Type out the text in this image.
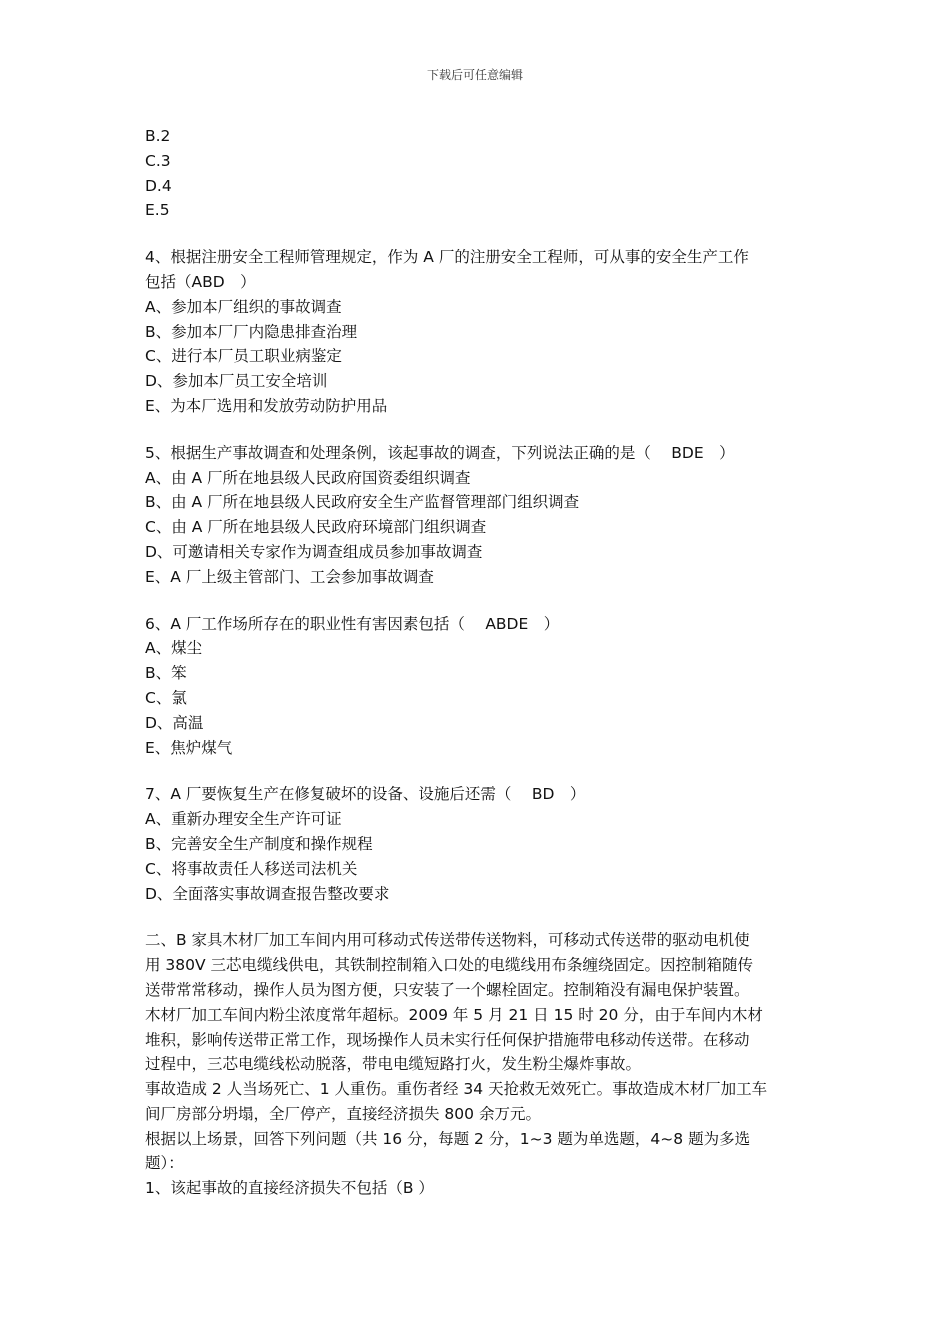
下载后可任意编辑
B.2
C.3
D.4
E.5
4、根据注册安全工程师管理规定，作为 A 厂的注册安全工程师，可从事的安全生产工作
包括（ABD　）
A、参加本厂组织的事故调查
B、参加本厂厂内隐患排查治理
C、进行本厂员工职业病鉴定
D、参加本厂员工安全培训
E、为本厂选用和发放劳动防护用品
5、根据生产事故调查和处理条例，该起事故的调查，下列说法正确的是（　 BDE　）
A、由 A 厂所在地县级人民政府国资委组织调查
B、由 A 厂所在地县级人民政府安全生产监督管理部门组织调查
C、由 A 厂所在地县级人民政府环境部门组织调查
D、可邀请相关专家作为调查组成员参加事故调查
E、A 厂上级主管部门、工会参加事故调查
6、A 厂工作场所存在的职业性有害因素包括（　 ABDE　）
A、煤尘
B、笨
C、氯
D、高温
E、焦炉煤气
7、A 厂要恢复生产在修复破坏的设备、设施后还需（　 BD　）
A、重新办理安全生产许可证
B、完善安全生产制度和操作规程
C、将事故责任人移送司法机关
D、全面落实事故调查报告整改要求
二、B 家具木材厂加工车间内用可移动式传送带传送物料，可移动式传送带的驱动电机使
用 380V 三芯电缆线供电，其铁制控制箱入口处的电缆线用布条缠绕固定。因控制箱随传
送带常常移动，操作人员为图方便，只安装了一个螺栓固定。控制箱没有漏电保护装置。
木材厂加工车间内粉尘浓度常年超标。2009 年 5 月 21 日 15 时 20 分，由于车间内木材
堆积，影响传送带正常工作，现场操作人员未实行任何保护措施带电移动传送带。在移动
过程中，三芯电缆线松动脱落，带电电缆短路打火，发生粉尘爆炸事故。
事故造成 2 人当场死亡、1 人重伤。重伤者经 34 天抢救无效死亡。事故造成木材厂加工车
间厂房部分坍塌，全厂停产，直接经济损失 800 余万元。
根据以上场景，回答下列问题（共 16 分，每题 2 分，1~3 题为单选题，4~8 题为多选
题）：
1、该起事故的直接经济损失不包括（B ）
